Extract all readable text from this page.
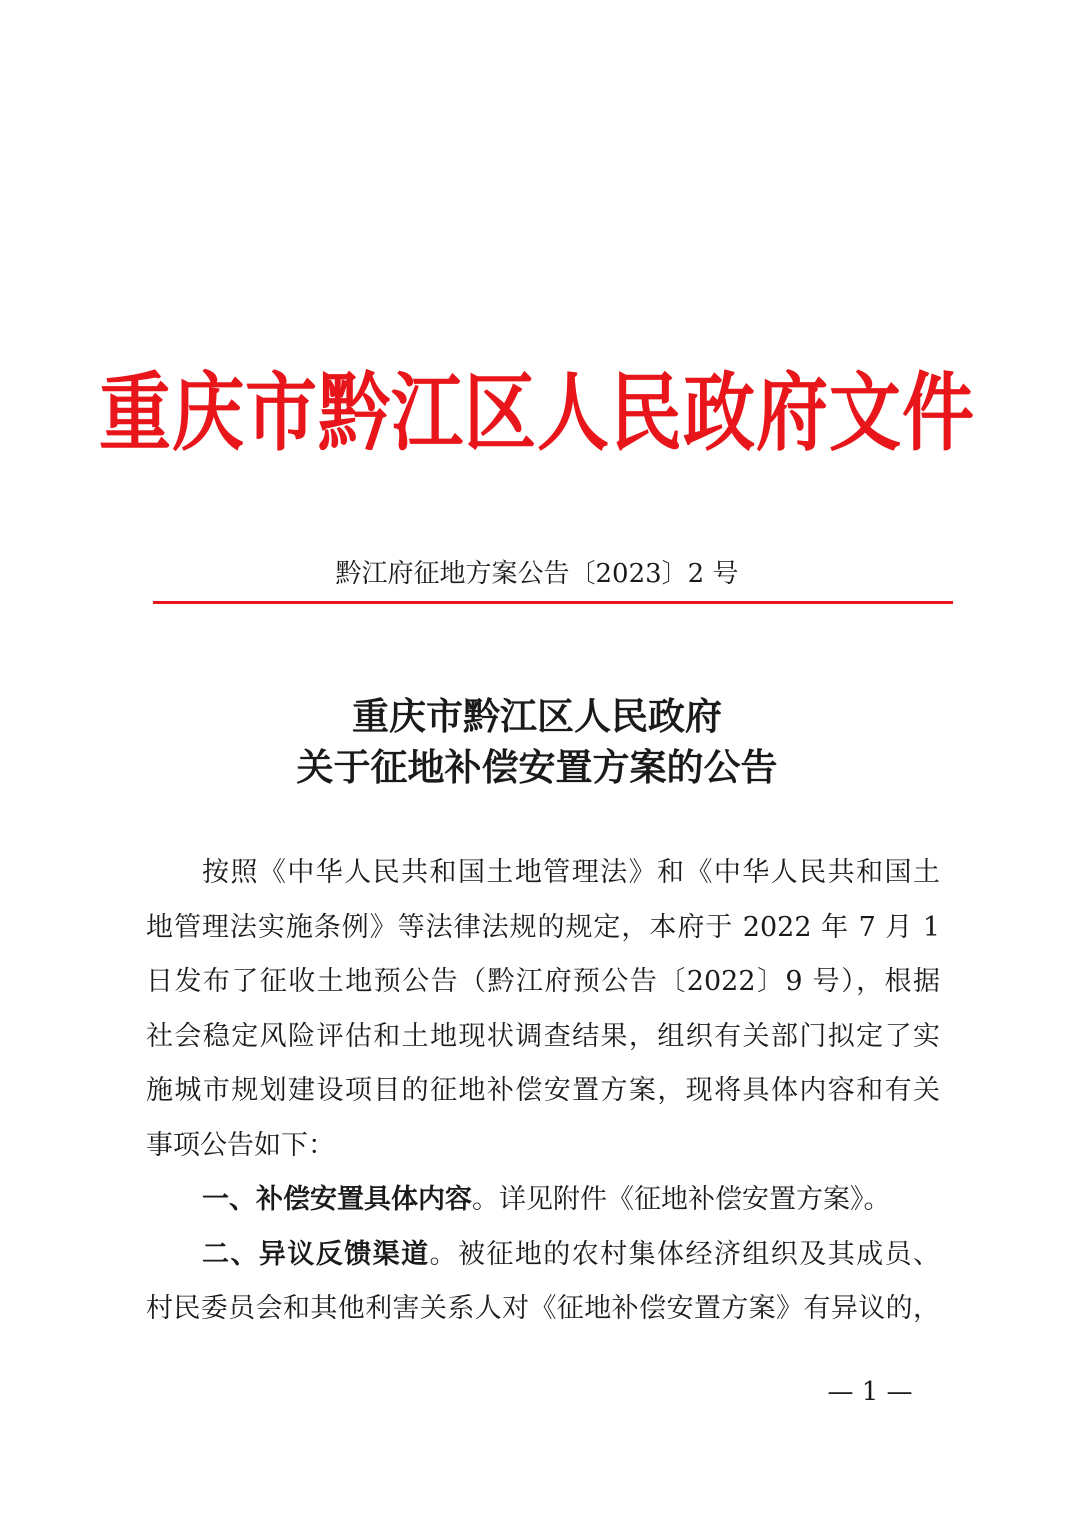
重庆市黔江区人民政府文件
黔江府征地方案公告〔2023〕2 号
重庆市黔江区人民政府
关于征地补偿安置方案的公告
按照《中华人民共和国土地管理法》和《中华人民共和国土
地管理法实施条例》等法律法规的规定，本府于 2022 年 7 月 1
日发布了征收土地预公告（黔江府预公告〔2022〕9 号），根据
社会稳定风险评估和土地现状调查结果，组织有关部门拟定了实
施城市规划建设项目的征地补偿安置方案，现将具体内容和有关
事项公告如下：
一、补偿安置具体内容。详见附件《征地补偿安置方案》。
二、异议反馈渠道。被征地的农村集体经济组织及其成员、
村民委员会和其他利害关系人对《征地补偿安置方案》有异议的，
— 1 —
